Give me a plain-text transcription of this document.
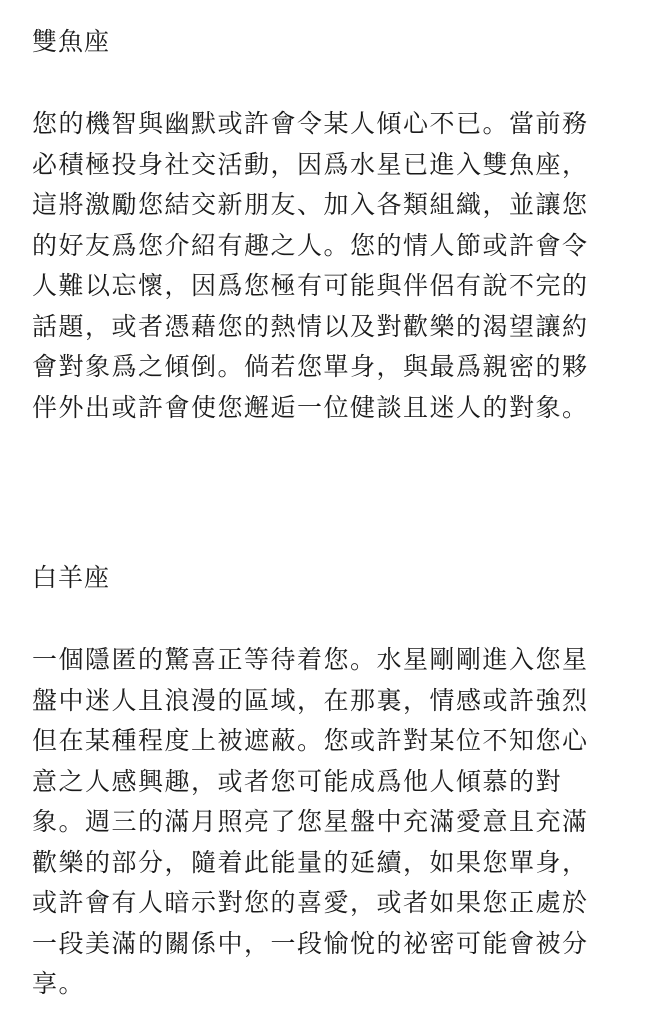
雙魚座

您的機智與幽默或許會令某人傾心不已。當前務
必積極投身社交活動，因爲水星已進入雙魚座，
這將激勵您結交新朋友、加入各類組織，並讓您
的好友爲您介紹有趣之人。您的情人節或許會令
人難以忘懷，因爲您極有可能與伴侶有說不完的
話題，或者憑藉您的熱情以及對歡樂的渴望讓約
會對象爲之傾倒。倘若您單身，與最爲親密的夥
伴外出或許會使您邂逅一位健談且迷人的對象。

白羊座

一個隱匿的驚喜正等待着您。水星剛剛進入您星
盤中迷人且浪漫的區域，在那裏，情感或許強烈
但在某種程度上被遮蔽。您或許對某位不知您心
意之人感興趣，或者您可能成爲他人傾慕的對
象。週三的滿月照亮了您星盤中充滿愛意且充滿
歡樂的部分，隨着此能量的延續，如果您單身，
或許會有人暗示對您的喜愛，或者如果您正處於
一段美滿的關係中，一段愉悅的祕密可能會被分
享。
